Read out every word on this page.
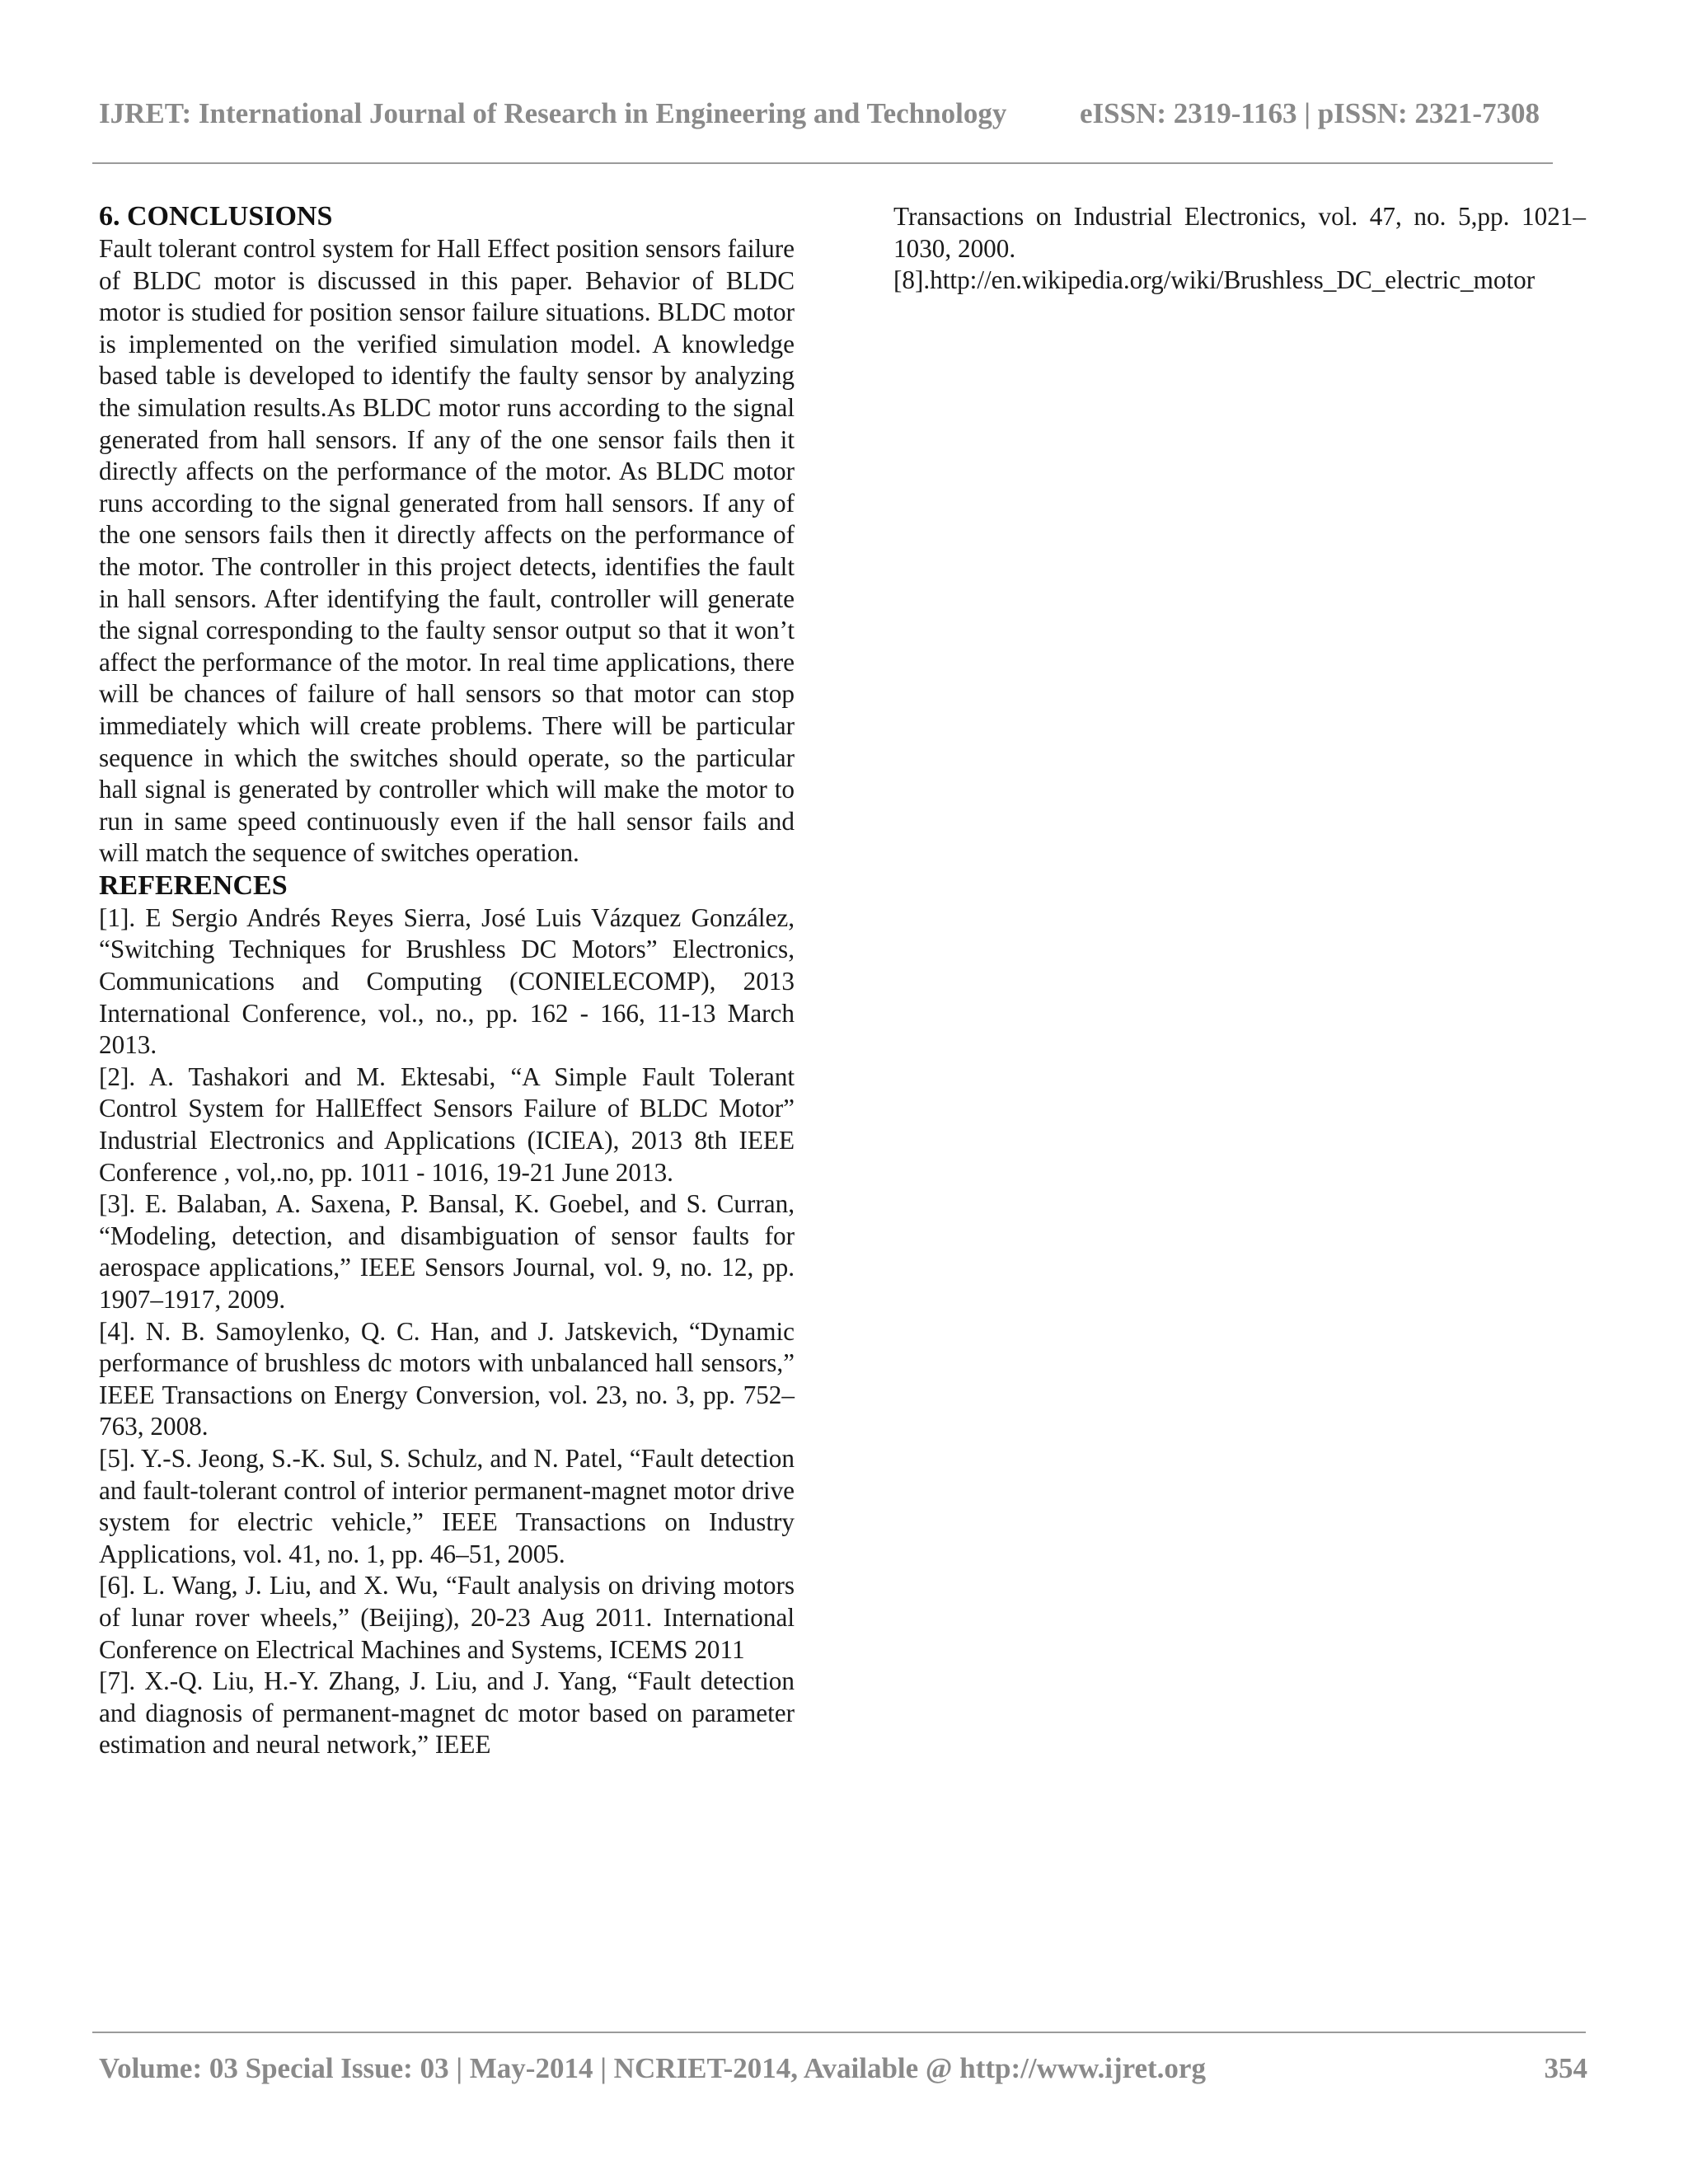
IJRET: International Journal of Research in Engineering and Technology	eISSN: 2319-1163 | pISSN: 2321-7308
6. CONCLUSIONS

Fault tolerant control system for Hall Effect position sensors failure of BLDC motor is discussed in this paper. Behavior of BLDC motor is studied for position sensor failure situations. BLDC motor is implemented on the verified simulation model. A knowledge based table is developed to identify the faulty sensor by analyzing the simulation results.As BLDC motor runs according to the signal generated from hall sensors. If any of the one sensor fails then it directly affects on the performance of the motor. As BLDC motor runs according to the signal generated from hall sensors. If any of the one sensors fails then it directly affects on the performance of the motor. The controller in this project detects, identifies the fault in hall sensors. After identifying the fault, controller will generate the signal corresponding to the faulty sensor output so that it won’t affect the performance of the motor. In real time applications, there will be chances of failure of hall sensors so that motor can stop immediately which will create problems. There will be particular sequence in which the switches should operate, so the particular hall signal is generated by controller which will make the motor to run in same speed continuously even if the hall sensor fails and will match the sequence of switches operation.

REFERENCES

[1]. E Sergio Andrés Reyes Sierra, José Luis Vázquez González, “Switching Techniques for Brushless DC Motors” Electronics, Communications and Computing (CONIELECOMP), 2013 International Conference, vol., no., pp. 162 - 166, 11-13 March 2013.

[2]. A. Tashakori and M. Ektesabi, “A Simple Fault Tolerant Control System for HallEffect Sensors Failure of BLDC Motor” Industrial Electronics and Applications (ICIEA), 2013 8th IEEE Conference , vol,.no, pp. 1011 - 1016, 19-21 June 2013.

[3]. E. Balaban, A. Saxena, P. Bansal, K. Goebel, and S. Curran, “Modeling, detection, and disambiguation of sensor faults for aerospace applications,” IEEE Sensors Journal, vol. 9, no. 12, pp. 1907–1917, 2009.

[4]. N. B. Samoylenko, Q. C. Han, and J. Jatskevich, “Dynamic performance of brushless dc motors with unbalanced hall sensors,” IEEE Transactions on Energy Conversion, vol. 23, no. 3, pp. 752–763, 2008.

[5]. Y.-S. Jeong, S.-K. Sul, S. Schulz, and N. Patel, “Fault detection and fault-tolerant control of interior permanent-magnet motor drive system for electric vehicle,” IEEE Transactions on Industry Applications, vol. 41, no. 1, pp. 46–51, 2005.

[6]. L. Wang, J. Liu, and X. Wu, “Fault analysis on driving motors of lunar rover wheels,” (Beijing), 20-23 Aug 2011. International Conference on Electrical Machines and Systems, ICEMS 2011

[7]. X.-Q. Liu, H.-Y. Zhang, J. Liu, and J. Yang, “Fault detection and diagnosis of permanent-magnet dc motor based on parameter estimation and neural network,” IEEE

Transactions on Industrial Electronics, vol. 47, no. 5,pp. 1021–1030, 2000.

[8].http://en.wikipedia.org/wiki/Brushless_DC_electric_motor

Volume: 03 Special Issue: 03 | May-2014 | NCRIET-2014, Available @ http://www.ijret.org	354
